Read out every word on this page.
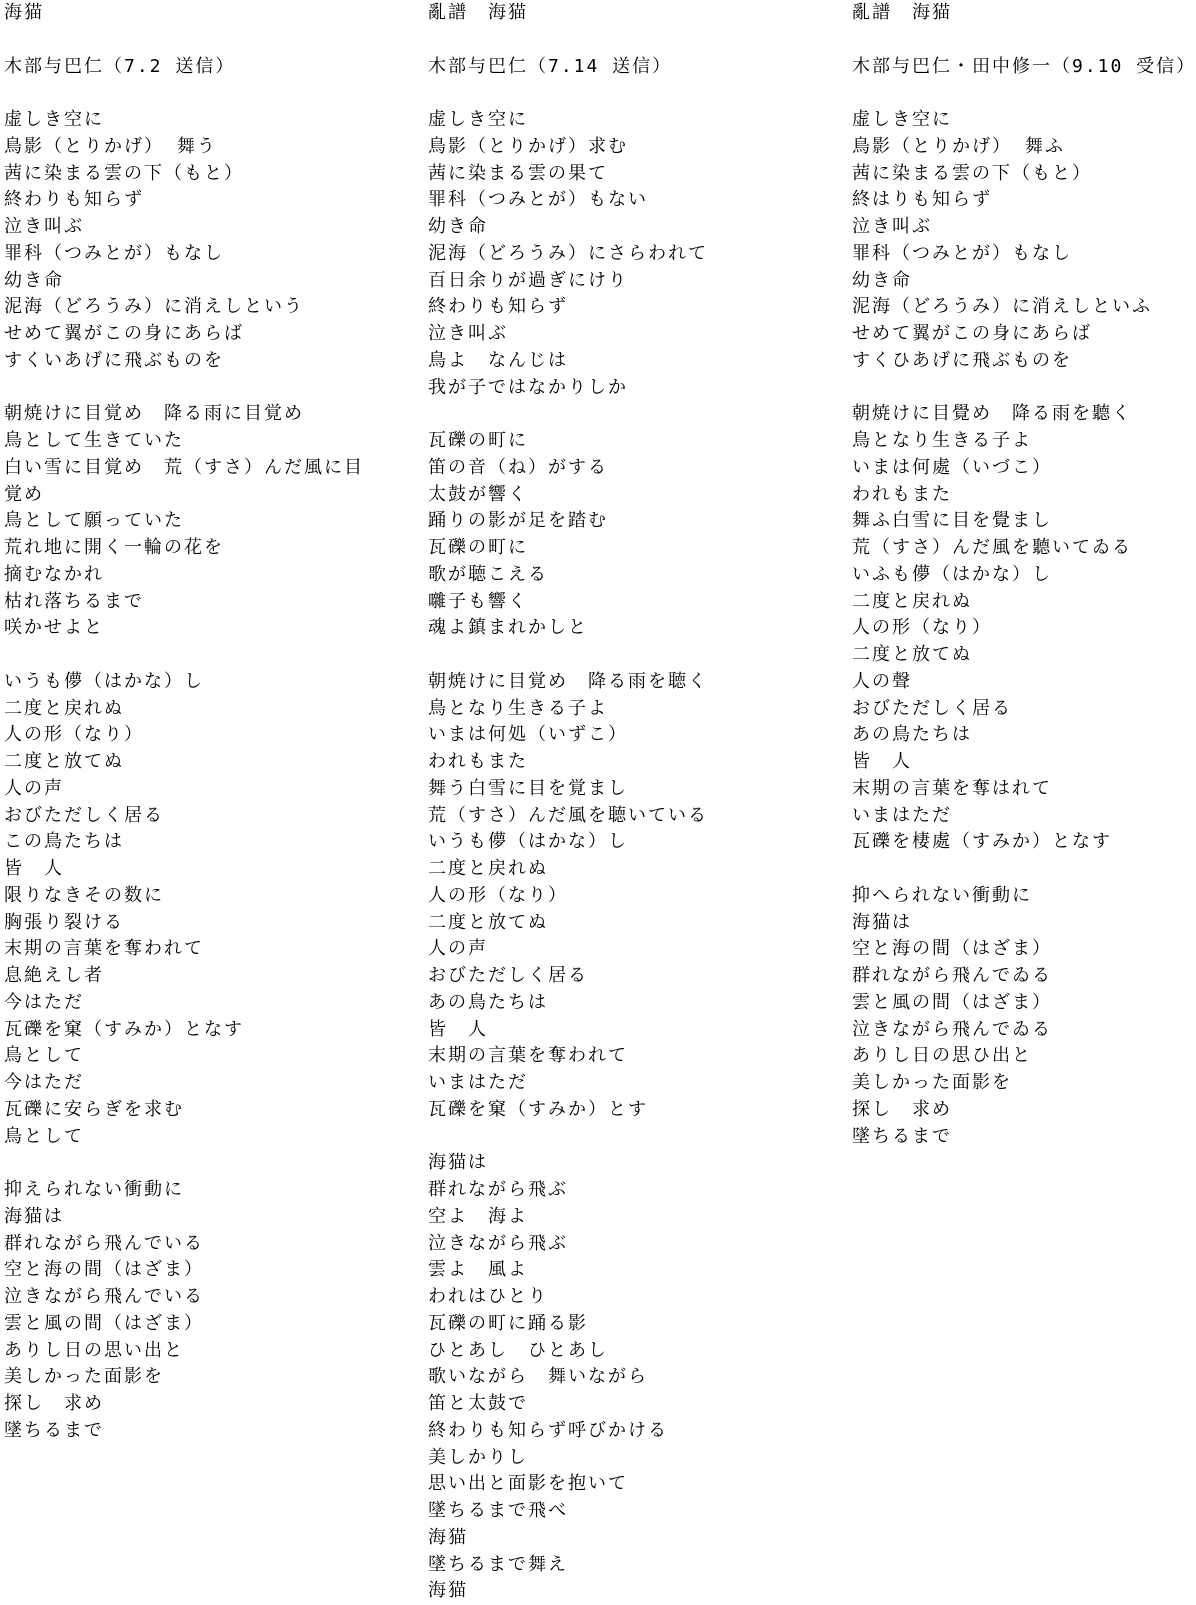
海猫
木部与巴仁（7.2 送信）
虚しき空に
鳥影（とりかげ） 舞う
茜に染まる雲の下（もと）
終わりも知らず
泣き叫ぶ
罪科（つみとが）もなし
幼き命
泥海（どろうみ）に消えしという
せめて翼がこの身にあらば
すくいあげに飛ぶものを
朝焼けに目覚め　降る雨に目覚め
鳥として生きていた
白い雪に目覚め　荒（すさ）んだ風に目
覚め
鳥として願っていた
荒れ地に開く一輪の花を
摘むなかれ
枯れ落ちるまで
咲かせよと
いうも儚（はかな）し
二度と戻れぬ
人の形（なり）
二度と放てぬ
人の声
おびただしく居る
この鳥たちは
皆　人
限りなきその数に
胸張り裂ける
末期の言葉を奪われて
息絶えし者
今はただ
瓦礫を窠（すみか）となす
鳥として
今はただ
瓦礫に安らぎを求む
鳥として
抑えられない衝動に
海猫は
群れながら飛んでいる
空と海の間（はざま）
泣きながら飛んでいる
雲と風の間（はざま）
ありし日の思い出と
美しかった面影を
探し　求め
墜ちるまで
亂譜　海猫
木部与巴仁（7.14 送信）
虚しき空に
鳥影（とりかげ）求む
茜に染まる雲の果て
罪科（つみとが）もない
幼き命
泥海（どろうみ）にさらわれて
百日余りが過ぎにけり
終わりも知らず
泣き叫ぶ
鳥よ　なんじは
我が子ではなかりしか
瓦礫の町に
笛の音（ね）がする
太鼓が響く
踊りの影が足を踏む
瓦礫の町に
歌が聴こえる
囃子も響く
魂よ鎮まれかしと
朝焼けに目覚め　降る雨を聴く
鳥となり生きる子よ
いまは何処（いずこ）
われもまた
舞う白雪に目を覚まし
荒（すさ）んだ風を聴いている
いうも儚（はかな）し
二度と戻れぬ
人の形（なり）
二度と放てぬ
人の声
おびただしく居る
あの鳥たちは
皆　人
末期の言葉を奪われて
いまはただ
瓦礫を窠（すみか）とす
海猫は
群れながら飛ぶ
空よ　海よ
泣きながら飛ぶ
雲よ　風よ
われはひとり
瓦礫の町に踊る影
ひとあし　ひとあし
歌いながら　舞いながら
笛と太鼓で
終わりも知らず呼びかける
美しかりし
思い出と面影を抱いて
墜ちるまで飛べ
海猫
墜ちるまで舞え
海猫
亂譜　海猫
木部与巴仁・田中修一（9.10 受信）
虚しき空に
鳥影（とりかげ） 舞ふ
茜に染まる雲の下（もと）
終はりも知らず
泣き叫ぶ
罪科（つみとが）もなし
幼き命
泥海（どろうみ）に消えしといふ
せめて翼がこの身にあらば
すくひあげに飛ぶものを
朝焼けに目覺め　降る雨を聽く
鳥となり生きる子よ
いまは何處（いづこ）
われもまた
舞ふ白雪に目を覺まし
荒（すさ）んだ風を聽いてゐる
いふも儚（はかな）し
二度と戻れぬ
人の形（なり）
二度と放てぬ
人の聲
おびただしく居る
あの鳥たちは
皆　人
末期の言葉を奪はれて
いまはただ
瓦礫を棲處（すみか）となす
抑へられない衝動に
海猫は
空と海の間（はざま）
群れながら飛んでゐる
雲と風の間（はざま）
泣きながら飛んでゐる
ありし日の思ひ出と
美しかった面影を
探し　求め
墜ちるまで
